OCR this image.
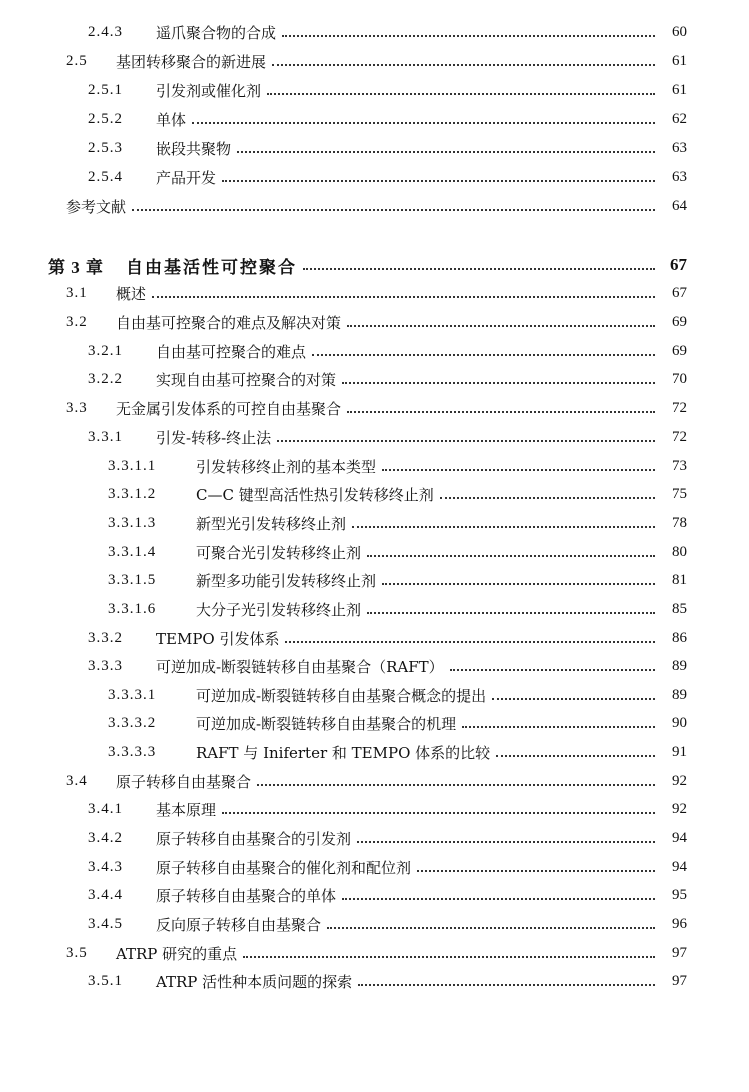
2.4.3	遥爪聚合物的合成	60
2.5	基团转移聚合的新进展	61
2.5.1	引发剂或催化剂	61
2.5.2	单体	62
2.5.3	嵌段共聚物	63
2.5.4	产品开发	63
参考文献	64
第 3 章	自由基活性可控聚合	67
3.1	概述	67
3.2	自由基可控聚合的难点及解决对策	69
3.2.1	自由基可控聚合的难点	69
3.2.2	实现自由基可控聚合的对策	70
3.3	无金属引发体系的可控自由基聚合	72
3.3.1	引发-转移-终止法	72
3.3.1.1	引发转移终止剂的基本类型	73
3.3.1.2	C—C 键型高活性热引发转移终止剂	75
3.3.1.3	新型光引发转移终止剂	78
3.3.1.4	可聚合光引发转移终止剂	80
3.3.1.5	新型多功能引发转移终止剂	81
3.3.1.6	大分子光引发转移终止剂	85
3.3.2	TEMPO 引发体系	86
3.3.3	可逆加成-断裂链转移自由基聚合（RAFT）	89
3.3.3.1	可逆加成-断裂链转移自由基聚合概念的提出	89
3.3.3.2	可逆加成-断裂链转移自由基聚合的机理	90
3.3.3.3	RAFT 与 Iniferter 和 TEMPO 体系的比较	91
3.4	原子转移自由基聚合	92
3.4.1	基本原理	92
3.4.2	原子转移自由基聚合的引发剂	94
3.4.3	原子转移自由基聚合的催化剂和配位剂	94
3.4.4	原子转移自由基聚合的单体	95
3.4.5	反向原子转移自由基聚合	96
3.5	ATRP 研究的重点	97
3.5.1	ATRP 活性种本质问题的探索	97
